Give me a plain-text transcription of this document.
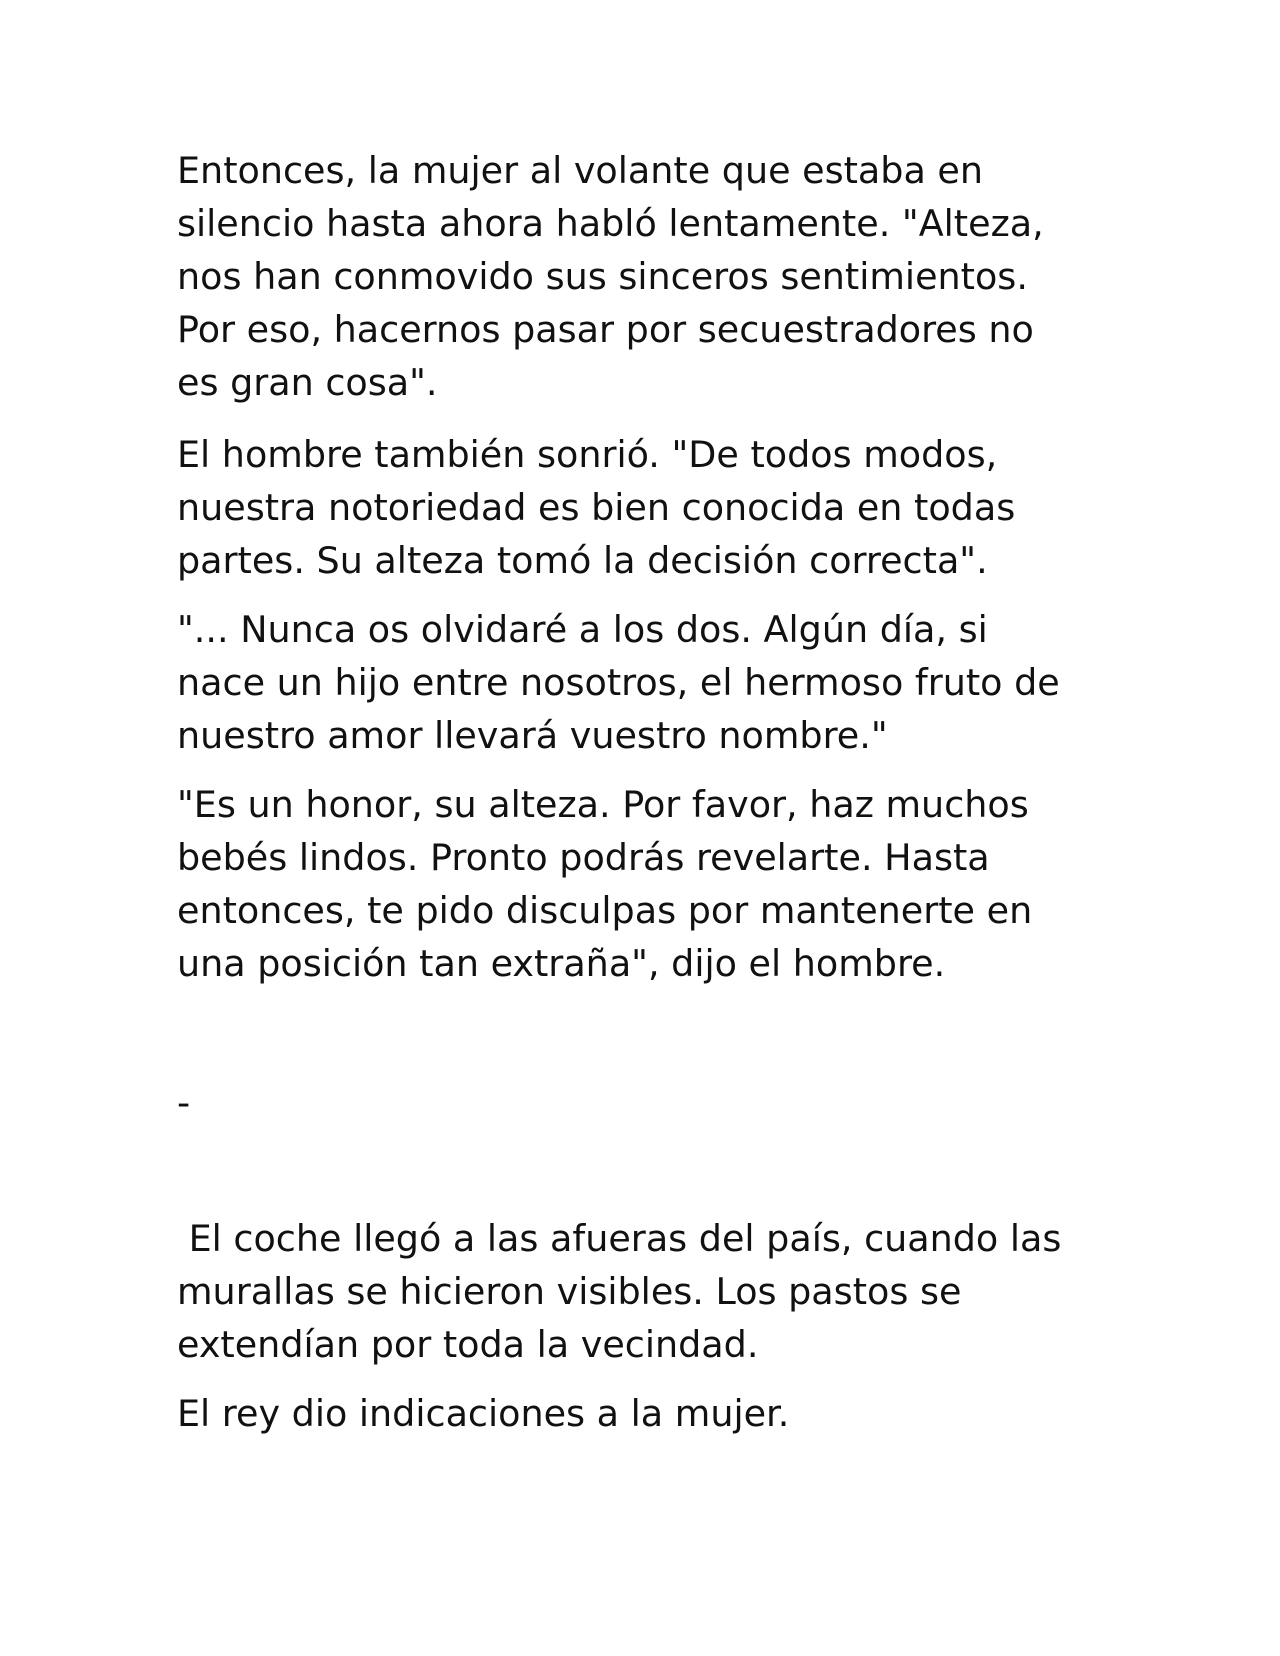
Entonces, la mujer al volante que estaba en
silencio hasta ahora habló lentamente. "Alteza,
nos han conmovido sus sinceros sentimientos.
Por eso, hacernos pasar por secuestradores no
es gran cosa".
El hombre también sonrió. "De todos modos,
nuestra notoriedad es bien conocida en todas
partes. Su alteza tomó la decisión correcta".
"... Nunca os olvidaré a los dos. Algún día, si
nace un hijo entre nosotros, el hermoso fruto de
nuestro amor llevará vuestro nombre."
"Es un honor, su alteza. Por favor, haz muchos
bebés lindos. Pronto podrás revelarte. Hasta
entonces, te pido disculpas por mantenerte en
una posición tan extraña", dijo el hombre.
-
El coche llegó a las afueras del país, cuando las
murallas se hicieron visibles. Los pastos se
extendían por toda la vecindad.
El rey dio indicaciones a la mujer.
